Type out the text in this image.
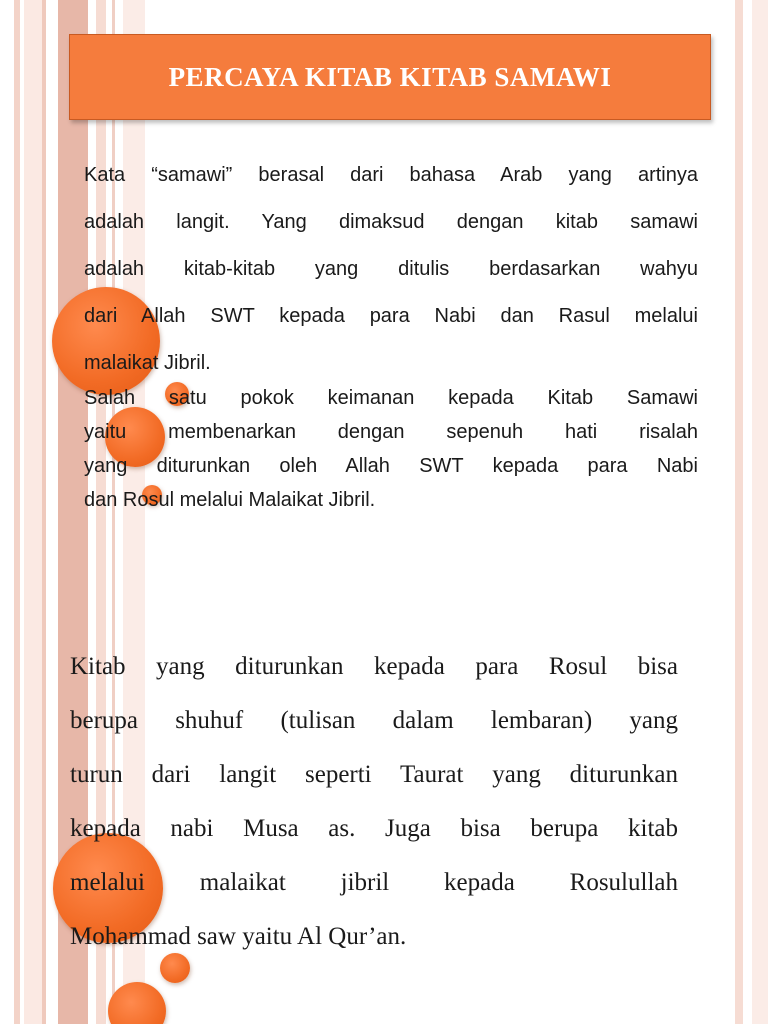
PERCAYA KITAB KITAB SAMAWI
Kata “samawi” berasal dari bahasa Arab yang artinya
adalah langit. Yang dimaksud dengan kitab samawi
adalah kitab-kitab yang ditulis berdasarkan wahyu
dari Allah SWT kepada para Nabi dan Rasul melalui
malaikat Jibril.
Salah satu pokok keimanan kepada Kitab Samawi
yaitu membenarkan dengan sepenuh hati risalah
yang diturunkan oleh Allah SWT kepada para Nabi
dan Rosul melalui Malaikat Jibril.
Kitab yang diturunkan kepada para Rosul bisa
berupa shuhuf (tulisan dalam lembaran) yang
turun dari langit seperti Taurat yang diturunkan
kepada nabi Musa as. Juga bisa berupa kitab
melalui malaikat jibril kepada Rosulullah
Mohammad saw yaitu Al Qur’an.
